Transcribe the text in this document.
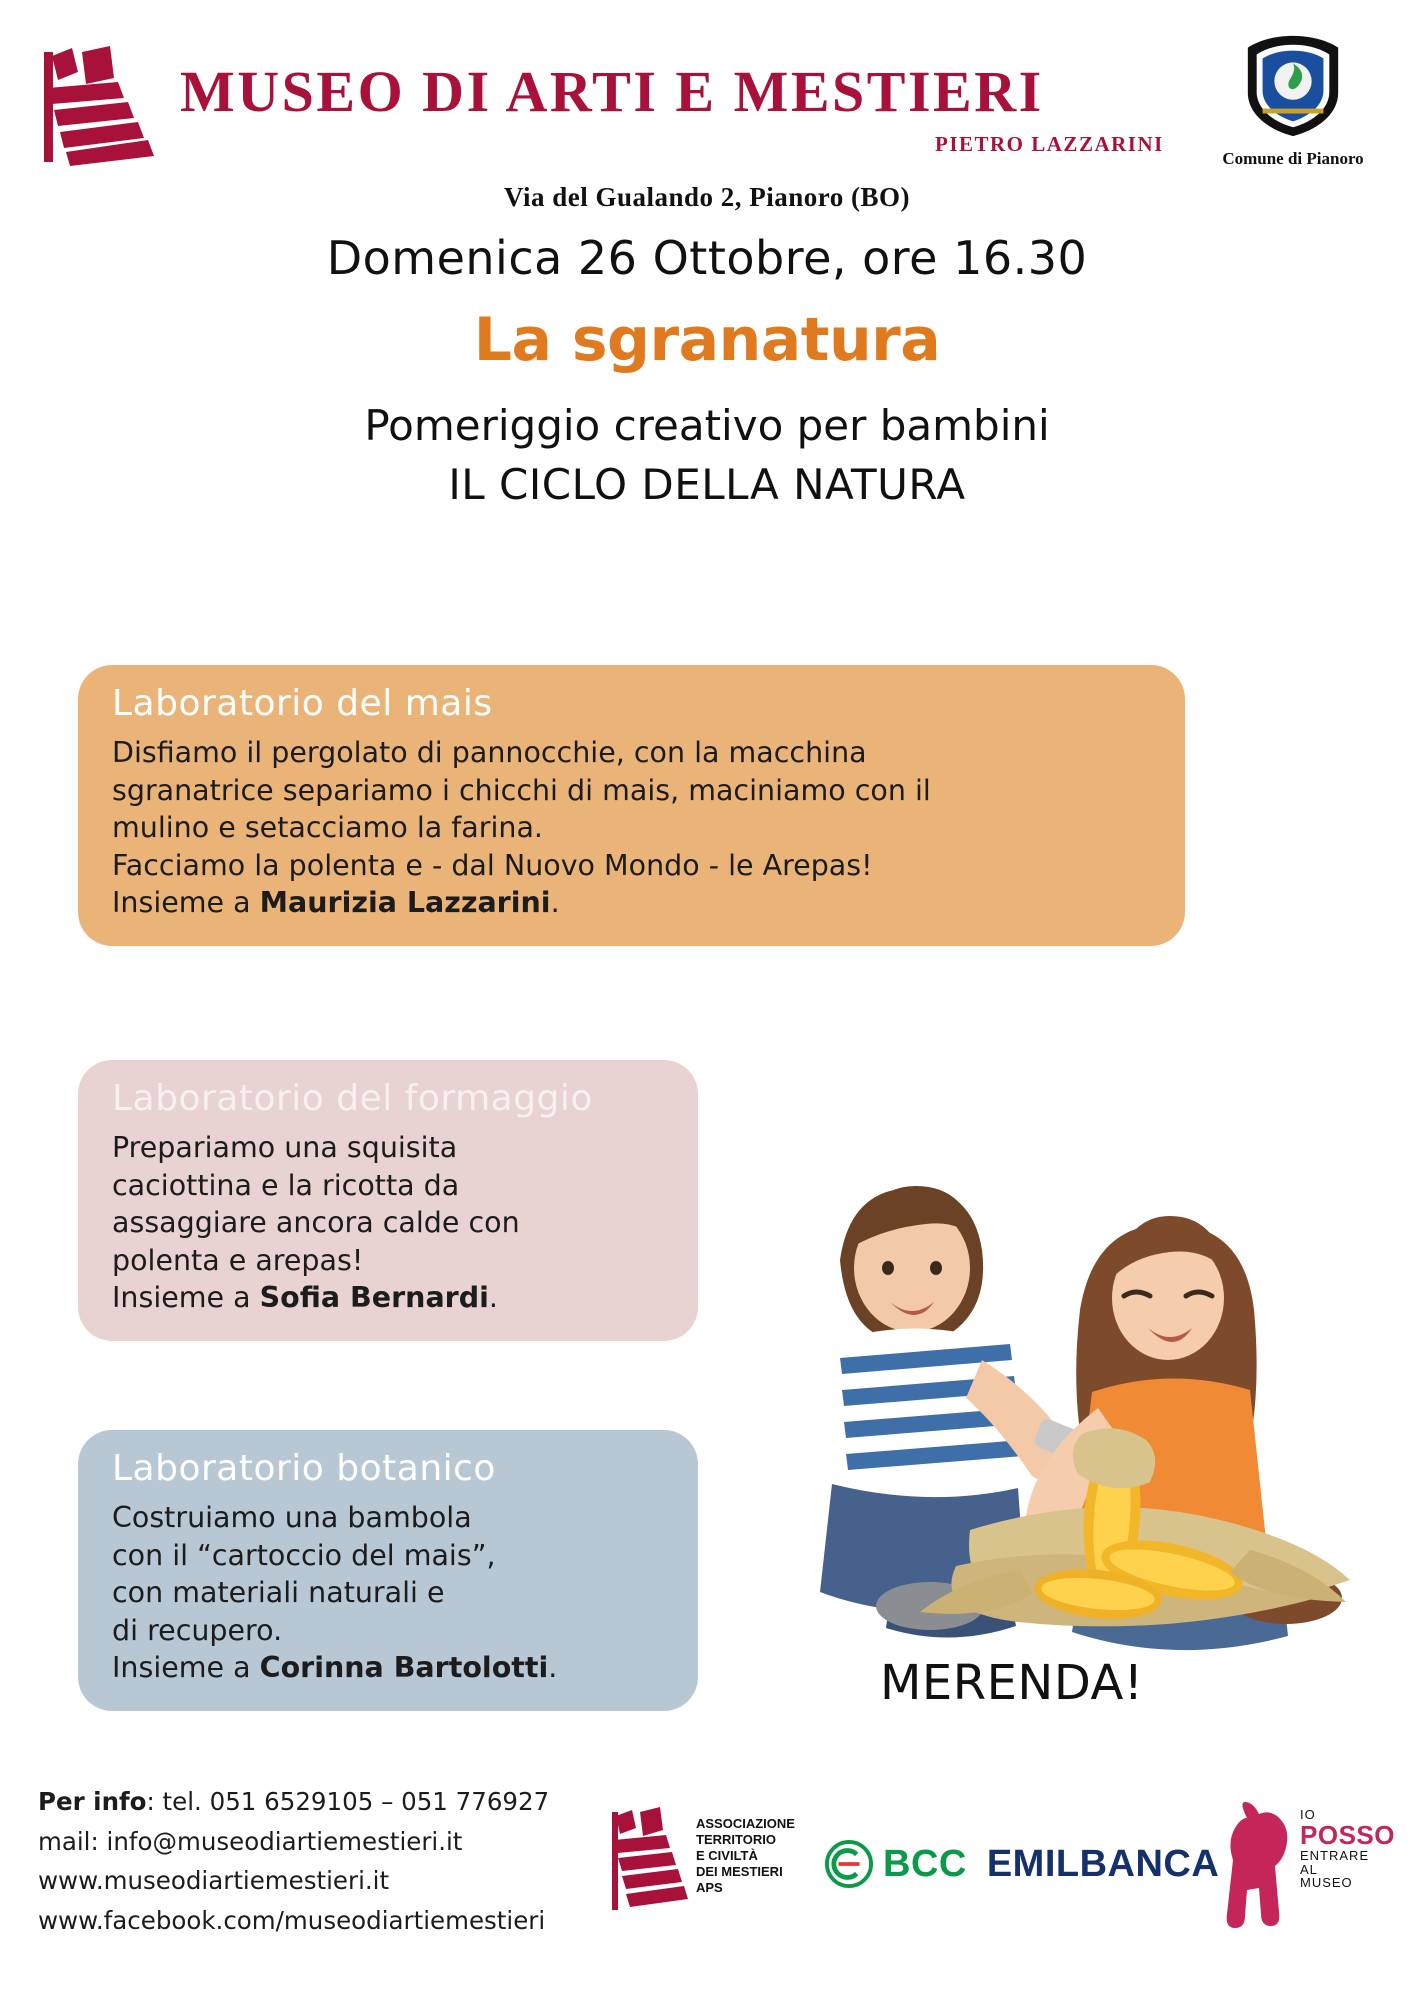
MUSEO DI ARTI E MESTIERI
PIETRO LAZZARINI
Via del Gualando 2, Pianoro (BO)
Comune di Pianoro
Domenica 26 Ottobre, ore 16.30
La sgranatura
Pomeriggio creativo per bambini
IL CICLO DELLA NATURA
Laboratorio del mais
Disfiamo il pergolato di pannocchie, con la macchina
sgranatrice separiamo i chicchi di mais, maciniamo con il
mulino e setacciamo la farina.
Facciamo la polenta e - dal Nuovo Mondo - le Arepas!
Insieme a Maurizia Lazzarini.
Laboratorio del formaggio
Prepariamo una squisita
caciottina e la ricotta da
assaggiare ancora calde con
polenta e arepas!
Insieme a Sofia Bernardi.
Laboratorio botanico
Costruiamo una bambola
con il “cartoccio del mais”,
con materiali naturali e
di recupero.
Insieme a Corinna Bartolotti.	MERENDA!
Per info: tel. 051 6529105 – 051 776927
mail: info@museodiartiemestieri.it
www.museodiartiemestieri.it
www.facebook.com/museodiartiemestieri
ASSOCIAZIONE
TERRITORIO
E CIVILTÀ
DEI MESTIERI
APS
BCC EMILBANCA
IO
POSSO
ENTRARE
AL
MUSEO
